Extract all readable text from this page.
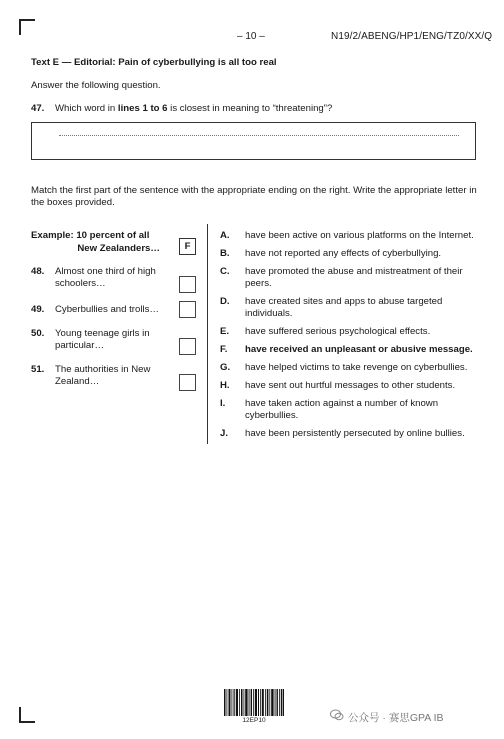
– 10 –	N19/2/ABENG/HP1/ENG/TZ0/XX/Q
Text E — Editorial: Pain of cyberbullying is all too real
Answer the following question.
47. Which word in lines 1 to 6 is closest in meaning to “threatening”?
Match the first part of the sentence with the appropriate ending on the right. Write the appropriate letter in the boxes provided.
Example: 10 percent of all
New Zealanders…	F
48. Almost one third of high schoolers…
49. Cyberbullies and trolls…
50. Young teenage girls in particular…
51. The authorities in New Zealand…
A. have been active on various platforms on the Internet.
B. have not reported any effects of cyberbullying.
C. have promoted the abuse and mistreatment of their peers.
D. have created sites and apps to abuse targeted individuals.
E. have suffered serious psychological effects.
F. have received an unpleasant or abusive message.
G. have helped victims to take revenge on cyberbullies.
H. have sent out hurtful messages to other students.
I. have taken action against a number of known cyberbullies.
J. have been persistently persecuted by online bullies.
12EP10	公众号 · 赛思GPA IB
